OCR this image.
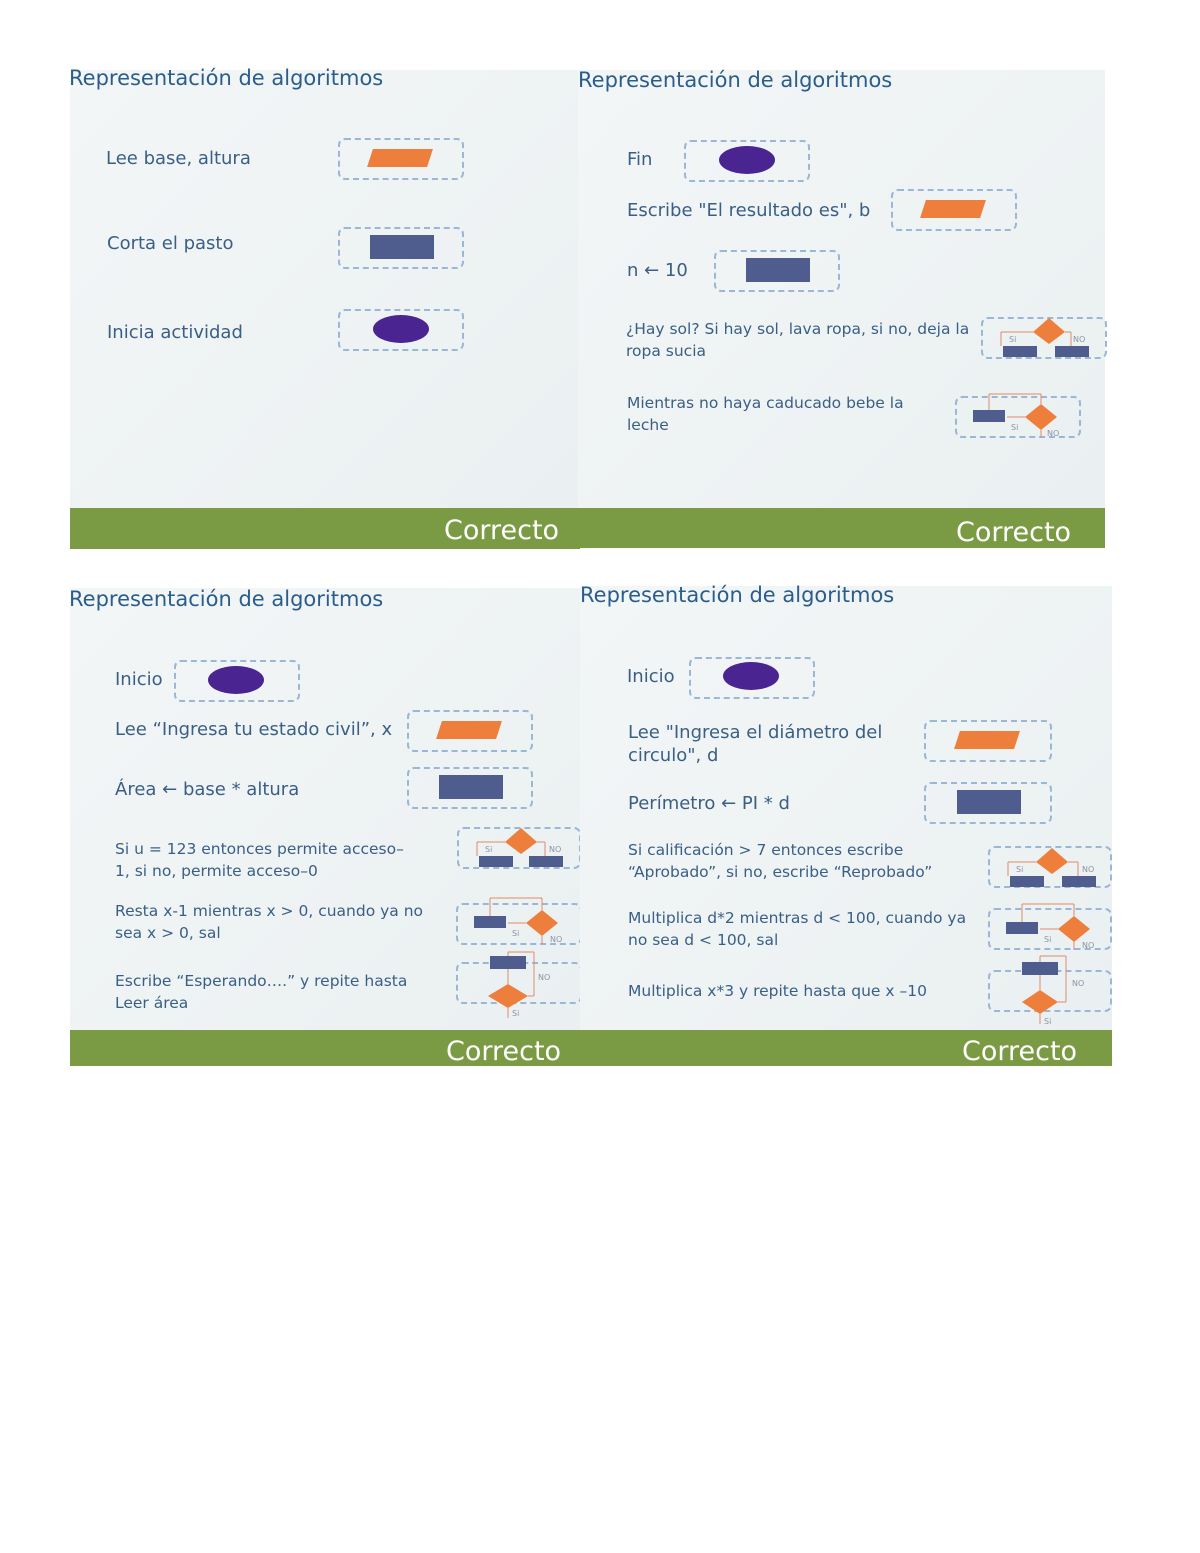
Representación de algoritmos
Lee base, altura
Corta el pasto
Inicia actividad
Correcto
Representación de algoritmos
Fin
Escribe "El resultado es", b
n ← 10
¿Hay sol? Si hay sol, lava ropa, si no, deja la ropa sucia
Si	NO
Mientras no haya caducado bebe la leche	Si
NO
Correcto
Representación de algoritmos
Inicio
Lee “Ingresa tu estado civil”, x
Área ← base * altura
Si u = 123 entonces permite acceso–1, si no, permite acceso–0
Si	NO
Resta x-1 mientras x > 0, cuando ya no sea x > 0, sal	Si
NO
Escribe “Esperando….” y repite hasta Leer área
NO
Si
Correcto
Representación de algoritmos
Inicio
Lee "Ingresa el diámetro del circulo", d
Perímetro ← PI * d
Si calificación > 7 entonces escribe “Aprobado”, si no, escribe “Reprobado”	Si	NO
Multiplica d*2 mientras d < 100, cuando ya no sea d < 100, sal	Si
NO
Multiplica x*3 y repite hasta que x –10	NO
Si
Correcto
